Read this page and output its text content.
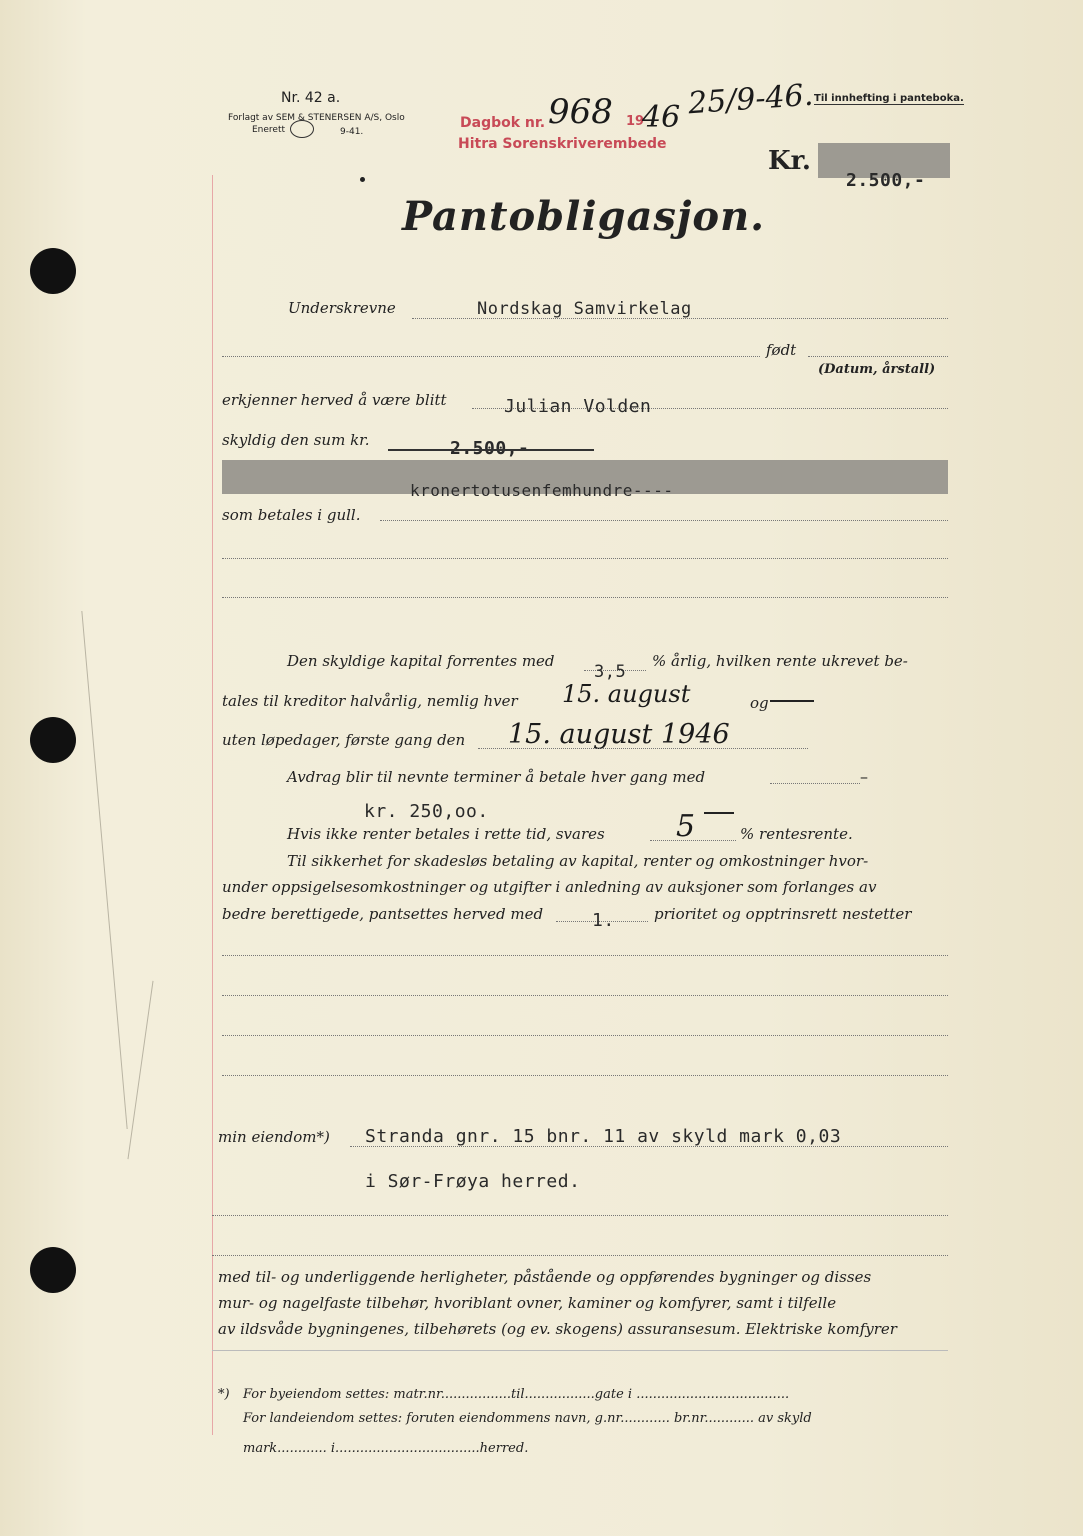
Nr. 42 a.
Forlagt av SEM & STENERSEN A/S, Oslo
Enerett	9-41.
Dagbok nr.
Hitra Sorenskriverembede
968 19
46 25/9-46. Til innhefting i panteboka.
Kr.
2.500,-
Pantobligasjon.
Underskrevne	Nordskag Samvirkelag
født
(Datum, årstall)
erkjenner herved å være blitt	Julian Volden
skyldig den sum kr.	2.500,-
kronertotusenfemhundre----
som betales i gull.
Den skyldige kapital forrentes med
3,5
% årlig, hvilken rente ukrevet be-
tales til kreditor halvårlig, nemlig hver 15. august	og
uten løpedager, første gang den 15. august 1946
Avdrag blir til nevnte terminer å betale hver gang med	–
kr. 250,oo.
Hvis ikke renter betales i rette tid, svares 5	% rentesrente.
Til sikkerhet for skadesløs betaling av kapital, renter og omkostninger hvor-
under oppsigelsesomkostninger og utgifter i anledning av auksjoner som forlanges av
bedre berettigede, pantsettes herved med	1.	prioritet og opptrinsrett nestetter
min eiendom*) Stranda gnr. 15 bnr. 11 av skyld mark 0,03
i Sør-Frøya herred.
med til- og underliggende herligheter, påstående og oppførendes bygninger og disses
mur- og nagelfaste tilbehør, hvoriblant ovner, kaminer og komfyrer, samt i tilfelle
av ildsvåde bygningenes, tilbehørets (og ev. skogens) assuransesum. Elektriske komfyrer
*) For byeiendom settes: matr.nr.................til.................gate i .....................................
For landeiendom settes: foruten eiendommens navn, g.nr............ br.nr............ av skyld
mark............ i...................................herred.
